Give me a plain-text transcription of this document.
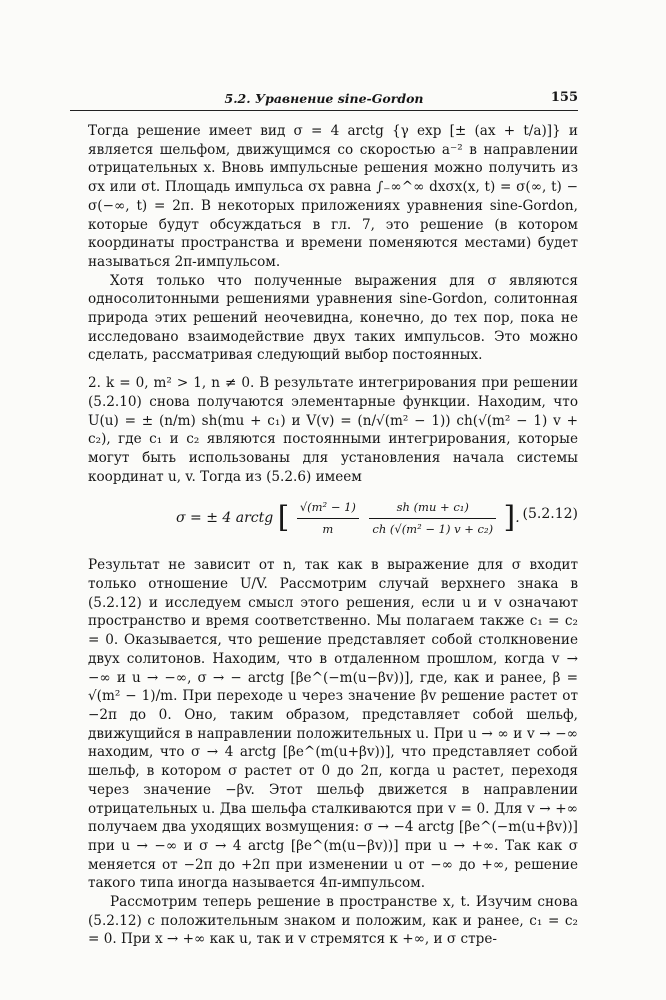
5.2. Уравнение sine-Gordon	155

Тогда решение имеет вид σ = 4 arctg {γ exp [± (ax + t/a)]} и является шельфом, движущимся со скоростью a⁻² в направлении отрицательных x. Вновь импульсные решения можно получить из σx или σt. Площадь импульса σx равна ∫₋∞^∞ dxσx(x, t) = σ(∞, t) − σ(−∞, t) = 2π. В некоторых приложениях уравнения sine-Gordon, которые будут обсуждаться в гл. 7, это решение (в котором координаты пространства и времени поменяются местами) будет называться 2π-импульсом.

Хотя только что полученные выражения для σ являются односолитонными решениями уравнения sine-Gordon, солитонная природа этих решений неочевидна, конечно, до тех пор, пока не исследовано взаимодействие двух таких импульсов. Это можно сделать, рассматривая следующий выбор постоянных.

2. k = 0, m² > 1, n ≠ 0. В результате интегрирования при решении (5.2.10) снова получаются элементарные функции. Находим, что U(u) = ± (n/m) sh(mu + c₁) и V(v) = (n/√(m² − 1)) ch(√(m² − 1) v + c₂), где c₁ и c₂ являются постоянными интегрирования, которые могут быть использованы для установления начала системы координат u, v. Тогда из (5.2.6) имеем

σ = ± 4 arctg [ $\frac{\text{√(m² − 1)}}{m}$
$\frac{\text{sh (mu + c₁)}}{\text{ch (√(m² − 1) v + c₂)}}$ ]. (5.2.12)

Результат не зависит от n, так как в выражение для σ входит только отношение U/V. Рассмотрим случай верхнего знака в (5.2.12) и исследуем смысл этого решения, если u и v означают пространство и время соответственно. Мы полагаем также c₁ = c₂ = 0. Оказывается, что решение представляет собой столкновение двух солитонов. Находим, что в отдаленном прошлом, когда v → −∞ и u → −∞, σ → − arctg [βe^(−m(u−βv))], где, как и ранее, β = √(m² − 1)/m. При переходе u через значение βv решение растет от −2π до 0. Оно, таким образом, представляет собой шельф, движущийся в направлении положительных u. При u → ∞ и v → −∞ находим, что σ → 4 arctg [βe^(m(u+βv))], что представляет собой шельф, в котором σ растет от 0 до 2π, когда u растет, переходя через значение −βv. Этот шельф движется в направлении отрицательных u. Два шельфа сталкиваются при v = 0. Для v → +∞ получаем два уходящих возмущения: σ → −4 arctg [βe^(−m(u+βv))] при u → −∞ и σ → 4 arctg [βe^(m(u−βv))] при u → +∞. Так как σ меняется от −2π до +2π при изменении u от −∞ до +∞, решение такого типа иногда называется 4π-импульсом.

Рассмотрим теперь решение в пространстве x, t. Изучим снова (5.2.12) с положительным знаком и положим, как и ранее, c₁ = c₂ = 0. При x → +∞ как u, так и v стремятся к +∞, и σ стре-
